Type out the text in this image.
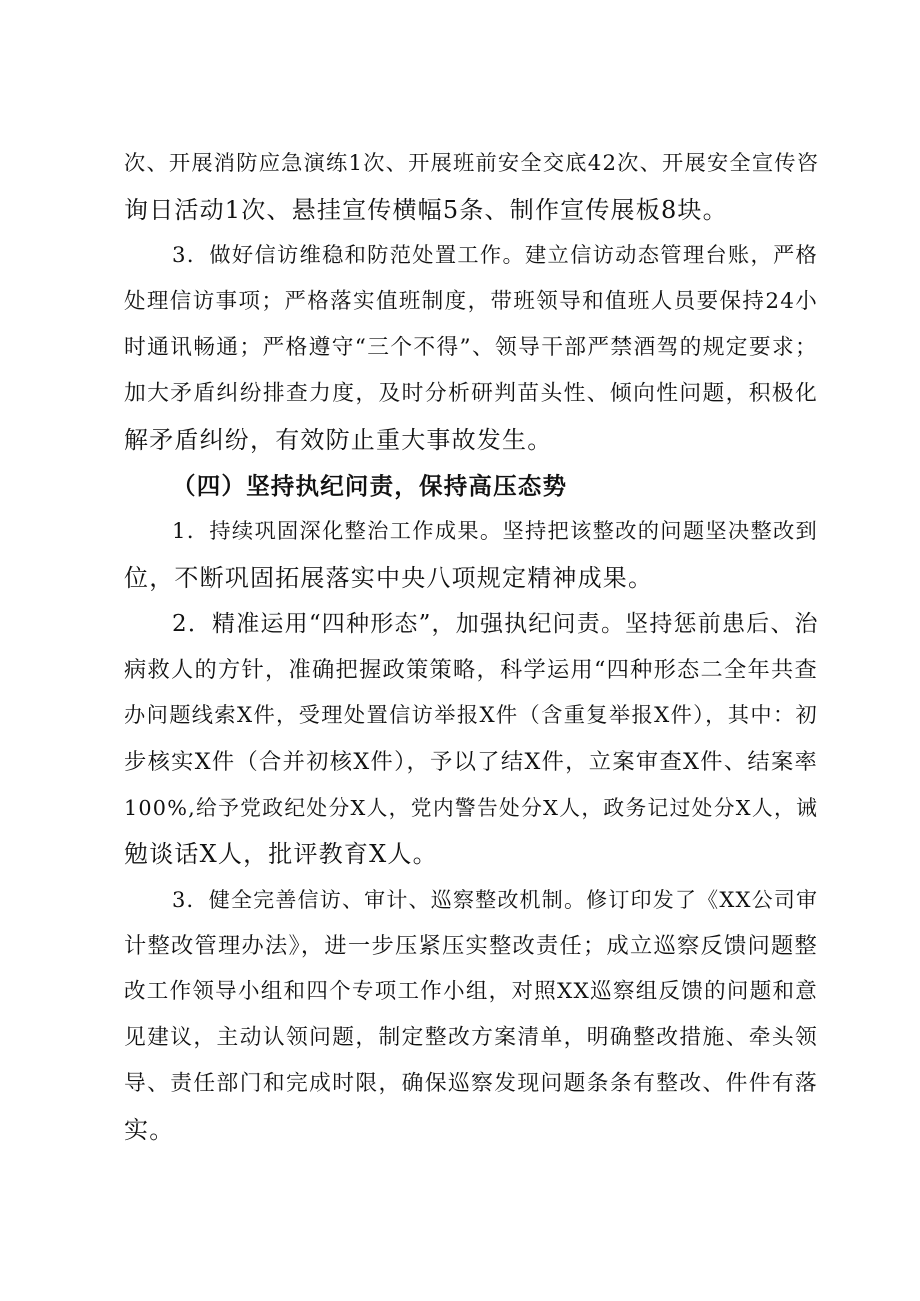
次、开展消防应急演练1次、开展班前安全交底42次、开展安全宣传咨
询日活动1次、悬挂宣传横幅5条、制作宣传展板8块。
3．做好信访维稳和防范处置工作。建立信访动态管理台账，严格
处理信访事项；严格落实值班制度，带班领导和值班人员要保持24小
时通讯畅通；严格遵守“三个不得”、领导干部严禁酒驾的规定要求；
加大矛盾纠纷排查力度，及时分析研判苗头性、倾向性问题，积极化
解矛盾纠纷，有效防止重大事故发生。
（四）坚持执纪问责，保持高压态势
1．持续巩固深化整治工作成果。坚持把该整改的问题坚决整改到
位，不断巩固拓展落实中央八项规定精神成果。
2．精准运用“四种形态”，加强执纪问责。坚持惩前患后、治
病救人的方针，准确把握政策策略，科学运用“四种形态二全年共查
办问题线索X件，受理处置信访举报X件（含重复举报X件），其中：初
步核实X件（合并初核X件），予以了结X件，立案审查X件、结案率
100%,给予党政纪处分X人，党内警告处分X人，政务记过处分X人，诫
勉谈话X人，批评教育X人。
3．健全完善信访、审计、巡察整改机制。修订印发了《XX公司审
计整改管理办法》，进一步压紧压实整改责任；成立巡察反馈问题整
改工作领导小组和四个专项工作小组，对照XX巡察组反馈的问题和意
见建议，主动认领问题，制定整改方案清单，明确整改措施、牵头领
导、责任部门和完成时限，确保巡察发现问题条条有整改、件件有落
实。
